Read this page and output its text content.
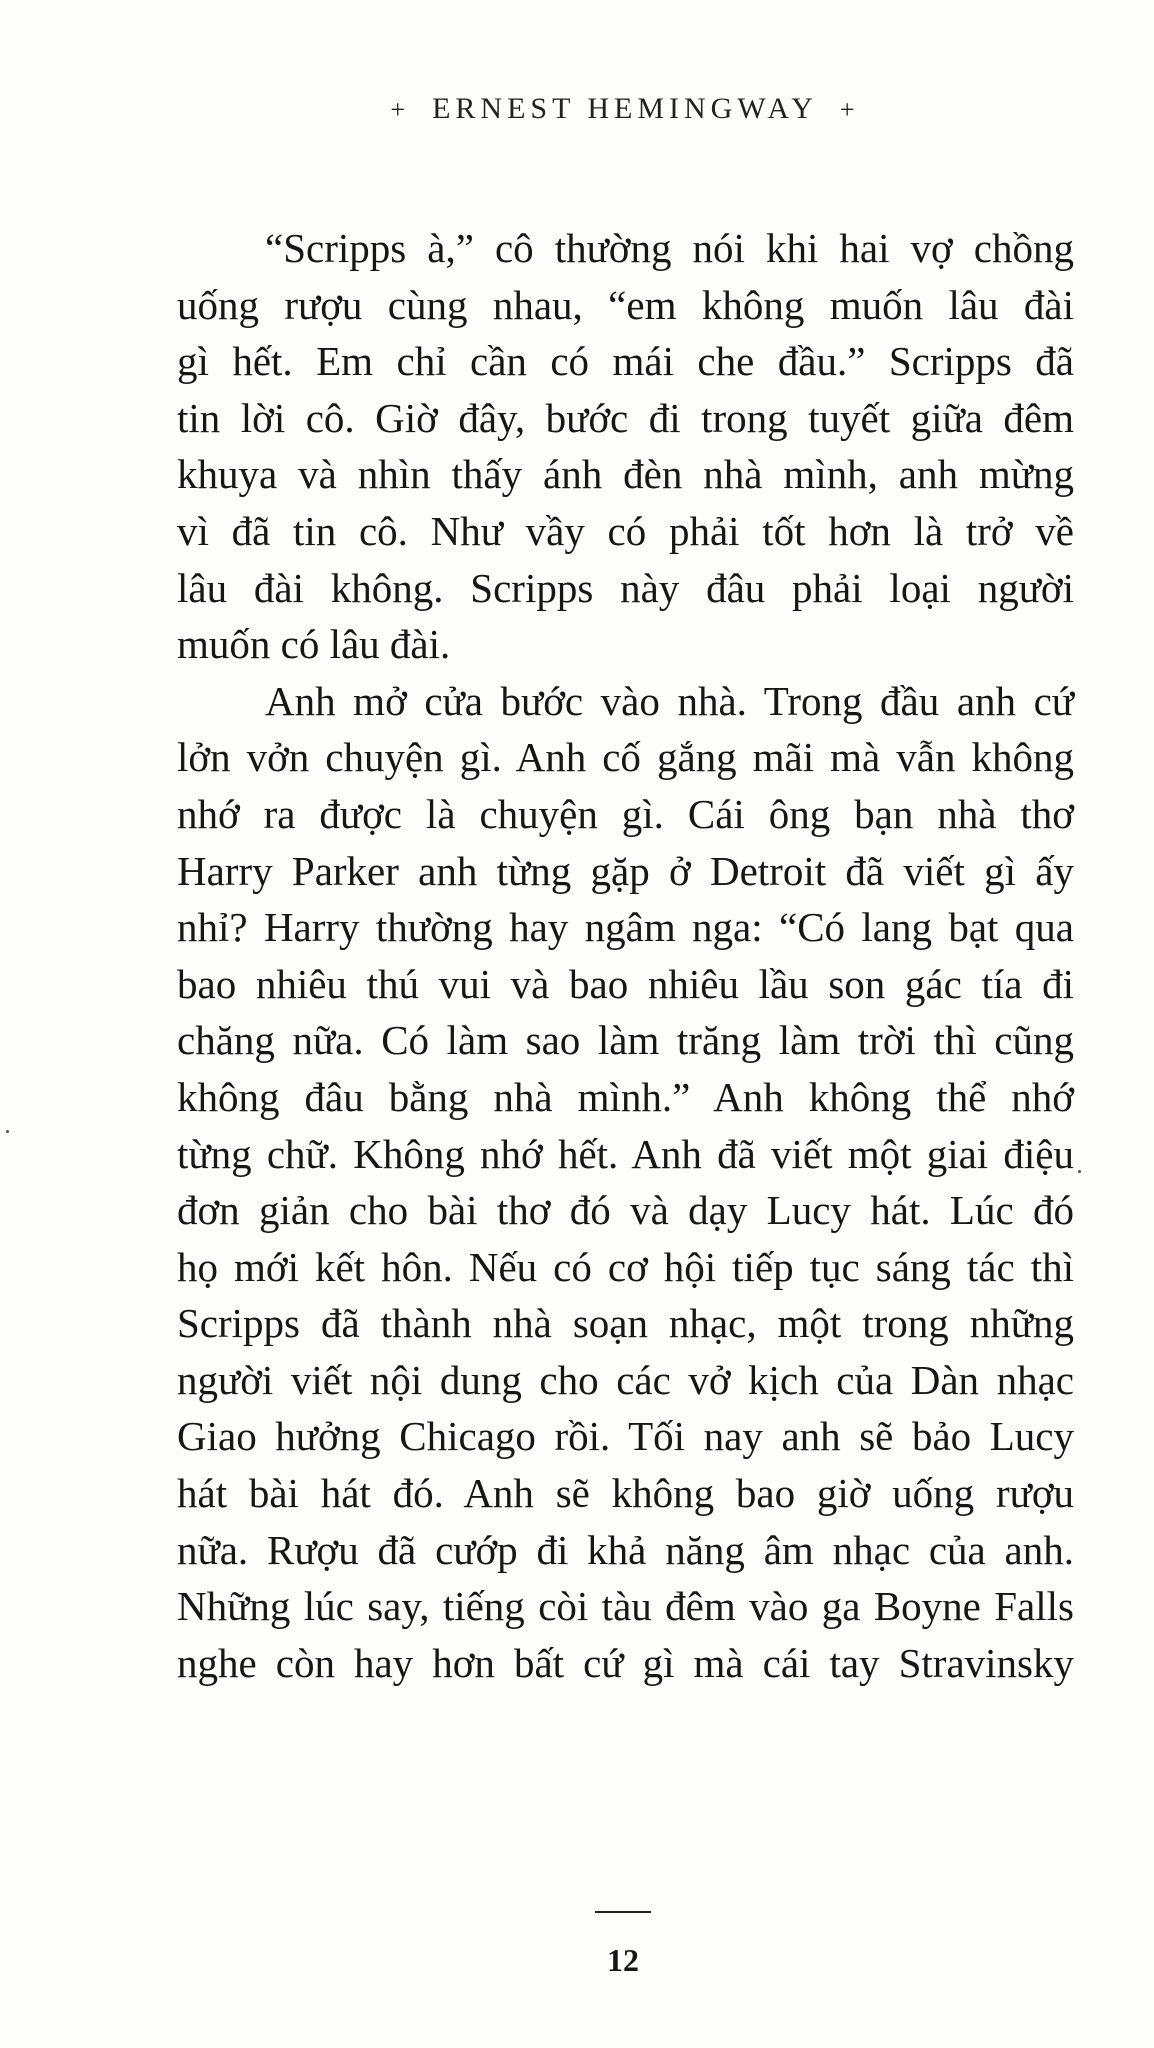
+ ERNEST HEMINGWAY +
“Scripps à,” cô thường nói khi hai vợ chồng
uống rượu cùng nhau, “em không muốn lâu đài
gì hết. Em chỉ cần có mái che đầu.” Scripps đã
tin lời cô. Giờ đây, bước đi trong tuyết giữa đêm
khuya và nhìn thấy ánh đèn nhà mình, anh mừng
vì đã tin cô. Như vầy có phải tốt hơn là trở về
lâu đài không. Scripps này đâu phải loại người
muốn có lâu đài.
Anh mở cửa bước vào nhà. Trong đầu anh cứ
lởn vởn chuyện gì. Anh cố gắng mãi mà vẫn không
nhớ ra được là chuyện gì. Cái ông bạn nhà thơ
Harry Parker anh từng gặp ở Detroit đã viết gì ấy
nhỉ? Harry thường hay ngâm nga: “Có lang bạt qua
bao nhiêu thú vui và bao nhiêu lầu son gác tía đi
chăng nữa. Có làm sao làm trăng làm trời thì cũng
không đâu bằng nhà mình.” Anh không thể nhớ
từng chữ. Không nhớ hết. Anh đã viết một giai điệu
đơn giản cho bài thơ đó và dạy Lucy hát. Lúc đó
họ mới kết hôn. Nếu có cơ hội tiếp tục sáng tác thì
Scripps đã thành nhà soạn nhạc, một trong những
người viết nội dung cho các vở kịch của Dàn nhạc
Giao hưởng Chicago rồi. Tối nay anh sẽ bảo Lucy
hát bài hát đó. Anh sẽ không bao giờ uống rượu
nữa. Rượu đã cướp đi khả năng âm nhạc của anh.
Những lúc say, tiếng còi tàu đêm vào ga Boyne Falls
nghe còn hay hơn bất cứ gì mà cái tay Stravinsky
12
